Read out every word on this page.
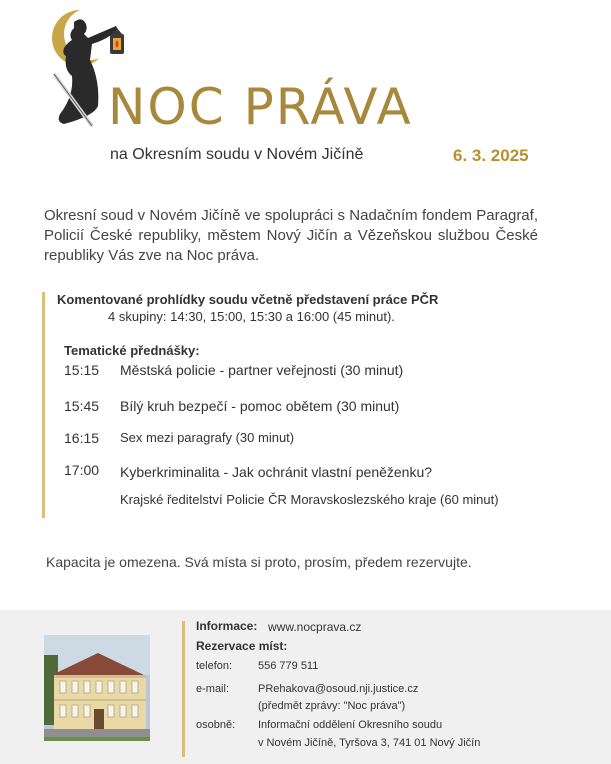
NOC PRÁVA
na Okresním soudu v Novém Jičíně	6. 3. 2025
Okresní soud v Novém Jičíně ve spolupráci s Nadačním fondem Paragraf, Policií České republiky, městem Nový Jičín a Vězeňskou službou České republiky Vás zve na Noc práva.
Komentované prohlídky soudu včetně představení práce PČR
4 skupiny: 14:30, 15:00, 15:30 a 16:00 (45 minut).
Tematické přednášky:
15:15 Městská policie - partner veřejnosti (30 minut)
15:45 Bílý kruh bezpečí - pomoc obětem (30 minut)
16:15 Sex mezi paragrafy (30 minut)
17:00 Kyberkriminalita - Jak ochránit vlastní peněženku?
Krajské ředitelství Policie ČR Moravskoslezského kraje (60 minut)
Kapacita je omezena. Svá místa si proto, prosím, předem rezervujte.
Informace: www.nocprava.cz
Rezervace míst:
telefon: 556 779 511
e-mail:	PRehakova@osoud.nji.justice.cz
(předmět zprávy: "Noc práva")
osobně: Informační oddělení Okresního soudu
v Novém Jičíně, Tyršova 3, 741 01 Nový Jičín
